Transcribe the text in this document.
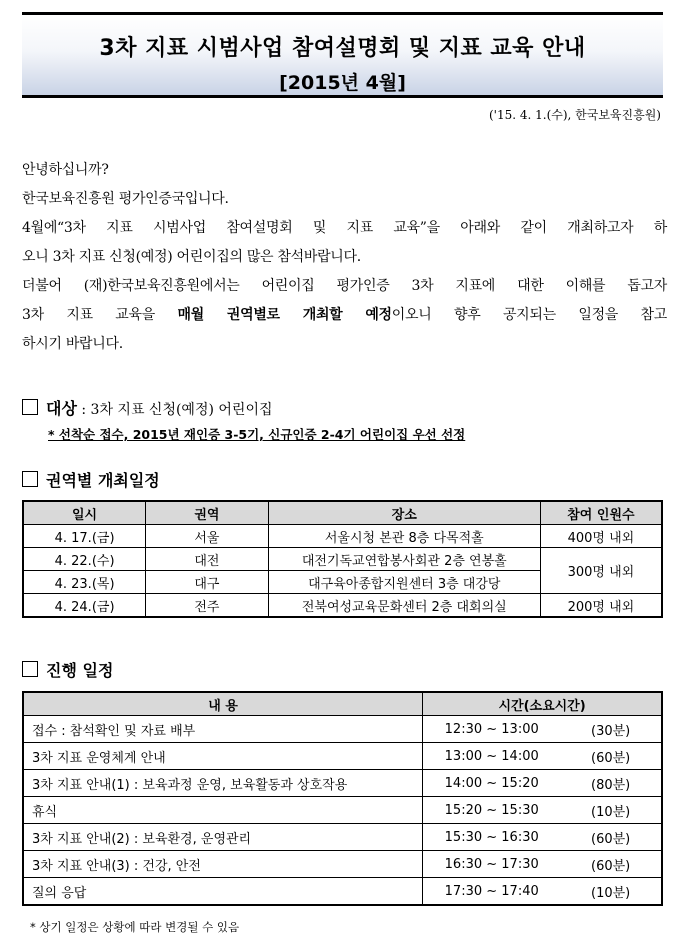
3차 지표 시범사업 참여설명회 및 지표 교육 안내
[2015년 4월]
('15. 4. 1.(수), 한국보육진흥원)

안녕하십니까?

한국보육진흥원 평가인증국입니다.

4월에“3차 지표 시범사업 참여설명회 및 지표 교육”을 아래와 같이 개최하고자 하

오니 3차 지표 신청(예정) 어린이집의 많은 참석바랍니다.

더불어 (재)한국보육진흥원에서는 어린이집 평가인증 3차 지표에 대한 이해를 돕고자

3차 지표 교육을 매월 권역별로 개최할 예정이오니 향후 공지되는 일정을 참고

하시기 바랍니다.

대상 : 3차 지표 신청(예정) 어린이집
* 선착순 접수, 2015년 재인증 3-5기, 신규인증 2-4기 어린이집 우선 선정
권역별 개최일정
일시	권역	장소	참여 인원수
4. 17.(금)	서울	서울시청 본관 8층 다목적홀	400명 내외
4. 22.(수)	대전	대전기독교연합봉사회관 2층 연봉홀	300명 내외
4. 23.(목)	대구	대구육아종합지원센터 3층 대강당	
4. 24.(금)	전주	전북여성교육문화센터 2층 대회의실	200명 내외
진행 일정
내 용	시간(소요시간)	
접수 : 참석확인 및 자료 배부	12:30 ~ 13:00	(30분)
3차 지표 운영체계 안내	13:00 ~ 14:00	(60분)
3차 지표 안내(1) : 보육과정 운영, 보육활동과 상호작용	14:00 ~ 15:20	(80분)
휴식	15:20 ~ 15:30	(10분)
3차 지표 안내(2) : 보육환경, 운영관리	15:30 ~ 16:30	(60분)
3차 지표 안내(3) : 건강, 안전	16:30 ~ 17:30	(60분)
질의 응답	17:30 ~ 17:40	(10분)
* 상기 일정은 상황에 따라 변경될 수 있음
